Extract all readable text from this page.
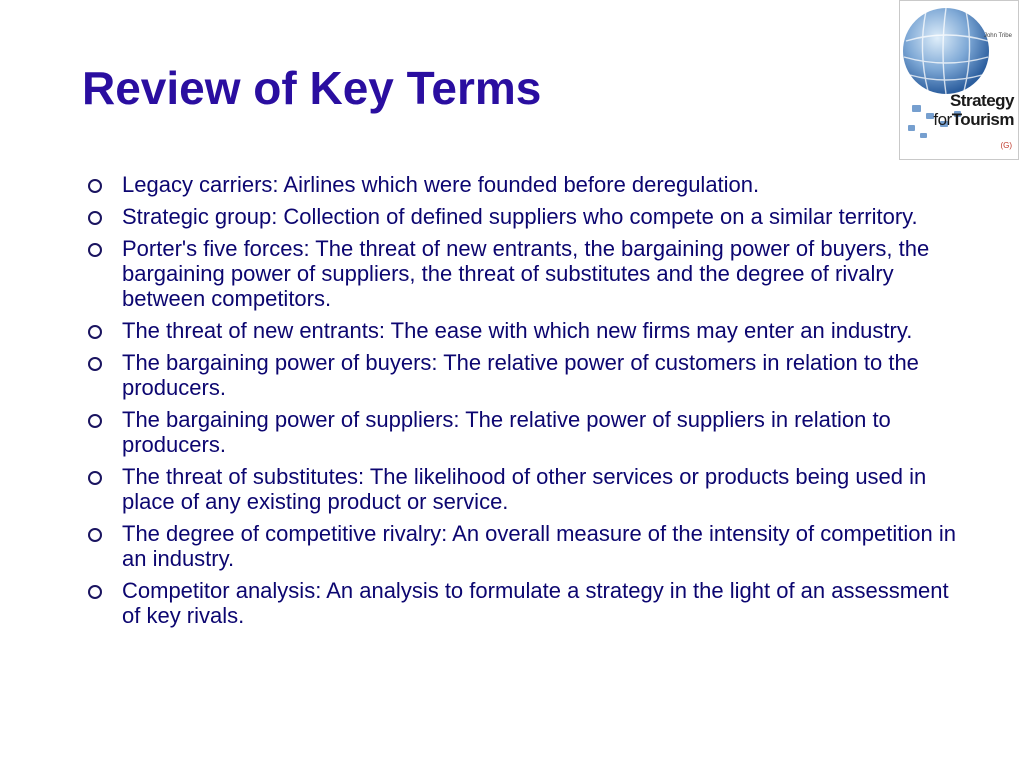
Review of Key Terms
John Tribe
Strategy
forTourism
(G)
Legacy carriers: Airlines which were founded before deregulation.
Strategic group: Collection of defined suppliers who compete on a similar territory.
Porter's five forces: The threat of new entrants, the bargaining power of buyers, the bargaining power of suppliers, the threat of substitutes and the degree of rivalry between competitors.
The threat of new entrants: The ease with which new firms may enter an industry.
The bargaining power of buyers: The relative power of customers in relation to the producers.
The bargaining power of suppliers: The relative power of suppliers in relation to producers.
The threat of substitutes: The likelihood of other services or products being used in place of any existing product or service.
The degree of competitive rivalry: An overall measure of the intensity of competition in an industry.
Competitor analysis: An analysis to formulate a strategy in the light of an assessment of key rivals.
